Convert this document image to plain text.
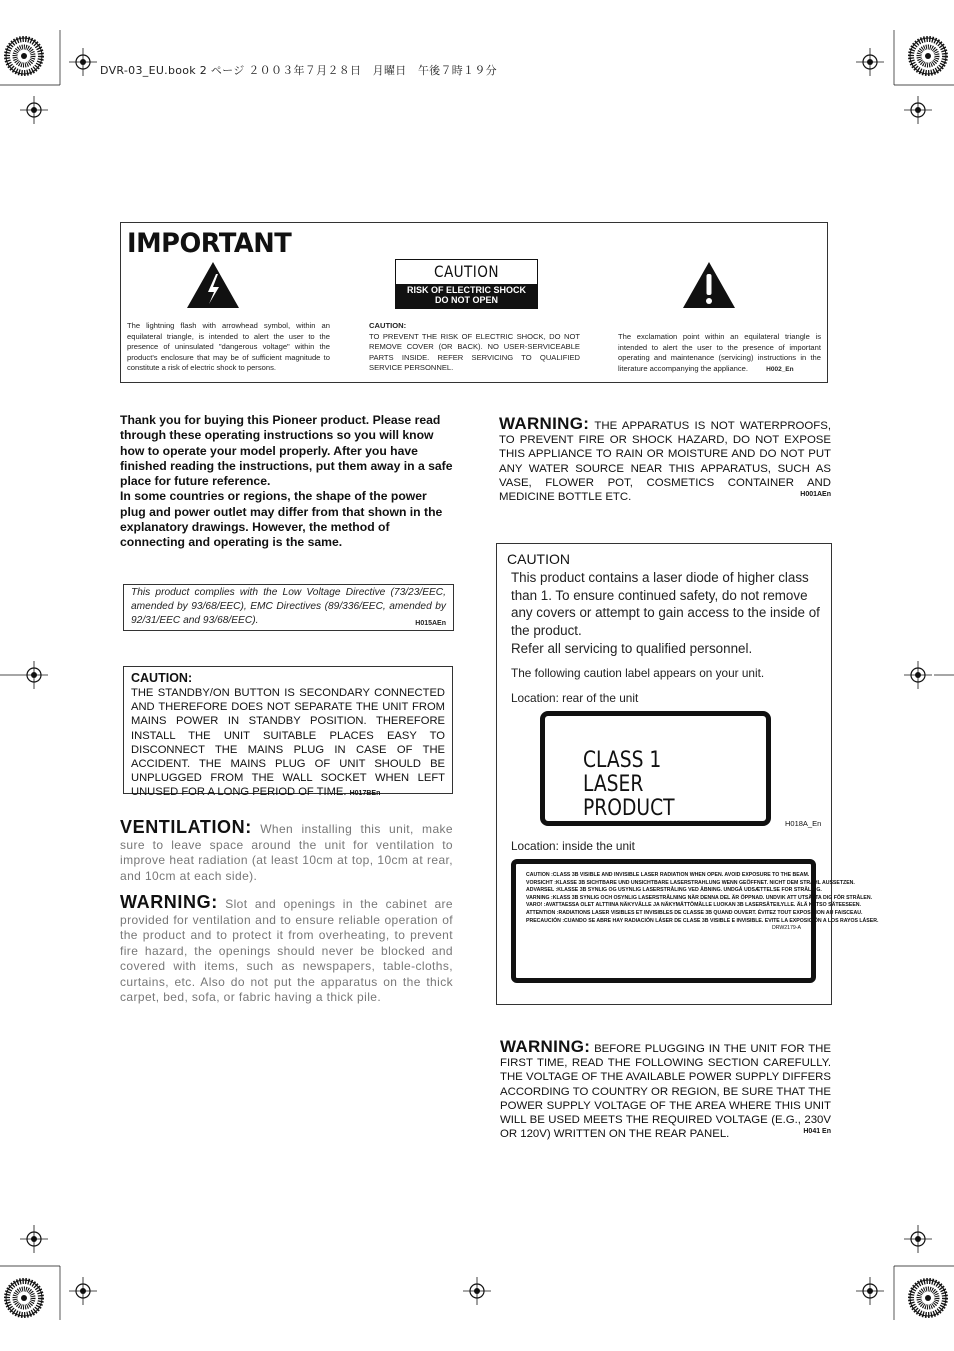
DVR-03_EU.book 2 ページ ２００３年７月２８日　月曜日　午後７時１９分
IMPORTANT
CAUTION
RISK OF ELECTRIC SHOCK
DO NOT OPEN
The lightning flash with arrowhead symbol, within an equilateral triangle, is intended to alert the user to the presence of uninsulated "dangerous voltage" within the product's enclosure that may be of sufficient magnitude to constitute a risk of electric shock to persons.
CAUTION:
TO PREVENT THE RISK OF ELECTRIC SHOCK, DO NOT REMOVE COVER (OR BACK). NO USER-SERVICEABLE PARTS INSIDE. REFER SERVICING TO QUALIFIED SERVICE PERSONNEL.
The exclamation point within an equilateral triangle is intended to alert the user to the presence of important operating and maintenance (servicing) instructions in the literature accompanying the appliance.	H002_En
Thank you for buying this Pioneer product. Please read through these operating instructions so you will know how to operate your model properly. After you have finished reading the instructions, put them away in a safe place for future reference.
In some countries or regions, the shape of the power plug and power outlet may differ from that shown in the explanatory drawings. However, the method of connecting and operating is the same.
This product complies with the Low Voltage Directive (73/23/EEC, amended by 93/68/EEC), EMC Directives (89/336/EEC, amended by 92/31/EEC and 93/68/EEC).	H015AEn
CAUTION:
THE STANDBY/ON BUTTON IS SECONDARY CONNECTED AND THEREFORE DOES NOT SEPARATE THE UNIT FROM MAINS POWER IN STANDBY POSITION. THEREFORE INSTALL THE UNIT SUITABLE PLACES EASY TO DISCONNECT THE MAINS PLUG IN CASE OF THE ACCIDENT. THE MAINS PLUG OF UNIT SHOULD BE UNPLUGGED FROM THE WALL SOCKET WHEN LEFT UNUSED FOR A LONG PERIOD OF TIME. H017BEn
VENTILATION: When installing this unit, make sure to leave space around the unit for ventilation to improve heat radiation (at least 10cm at top, 10cm at rear, and 10cm at each side).
WARNING: Slot and openings in the cabinet are provided for ventilation and to ensure reliable operation of the product and to protect it from overheating, to prevent fire hazard, the openings should never be blocked and covered with items, such as newspapers, table-cloths, curtains, etc. Also do not put the apparatus on the thick carpet, bed, sofa, or fabric having a thick pile.
WARNING: THE APPARATUS IS NOT WATERPROOFS, TO PREVENT FIRE OR SHOCK HAZARD, DO NOT EXPOSE THIS APPLIANCE TO RAIN OR MOISTURE AND DO NOT PUT ANY WATER SOURCE NEAR THIS APPARATUS, SUCH AS VASE, FLOWER POT, COSMETICS CONTAINER AND MEDICINE BOTTLE ETC.	H001AEn
CAUTION
This product contains a laser diode of higher class than 1. To ensure continued safety, do not remove any covers or attempt to gain access to the inside of the product.
Refer all servicing to qualified personnel.
The following caution label appears on your unit.
Location: rear of the unit
CLASS 1
LASER PRODUCT
H018A_En
Location: inside the unit
CAUTION :CLASS 3B VISIBLE AND INVISIBLE LASER RADIATION WHEN OPEN. AVOID EXPOSURE TO THE BEAM.
VORSICHT :KLASSE 3B SICHTBARE UND UNSICHTBARE LASERSTRAHLUNG WENN GEÖFFNET. NICHT DEM STRAHL AUSSETZEN.
ADVARSEL :KLASSE 3B SYNLIG OG USYNLIG LASERSTRÅLING VED ÅBNING. UNDGÅ UDSÆTTELSE FOR STRÅLING.
VARNING :KLASS 3B SYNLIG OCH OSYNLIG LASERSTRÅLNING NÄR DENNA DEL ÄR ÖPPNAD. UNDVIK ATT UTSÄTTA DIG FÖR STRÅLEN.
VARO! :AVATTAESSA OLET ALTTIINA NÄKYVÄLLE JA NÄKYMÄTTÖMÄLLE LUOKAN 3B LASERSÄTEILYLLE. ÄLÄ KATSO SÄTEESEEN.
ATTENTION :RADIATIONS LASER VISIBLES ET INVISIBLES DE CLASSE 3B QUAND OUVERT. ÉVITEZ TOUT EXPOSITION AU FAISCEAU.
PRECAUCIÓN :CUANDO SE ABRE HAY RADIACIÓN LÁSER DE CLASE 3B VISIBLE E INVISIBLE. EVITE LA EXPOSICIÓN A LOS RAYOS LÁSER.
DRW2179-A
WARNING: BEFORE PLUGGING IN THE UNIT FOR THE FIRST TIME, READ THE FOLLOWING SECTION CAREFULLY. THE VOLTAGE OF THE AVAILABLE POWER SUPPLY DIFFERS ACCORDING TO COUNTRY OR REGION, BE SURE THAT THE POWER SUPPLY VOLTAGE OF THE AREA WHERE THIS UNIT WILL BE USED MEETS THE REQUIRED VOLTAGE (E.G., 230V OR 120V) WRITTEN ON THE REAR PANEL.	H041 En
